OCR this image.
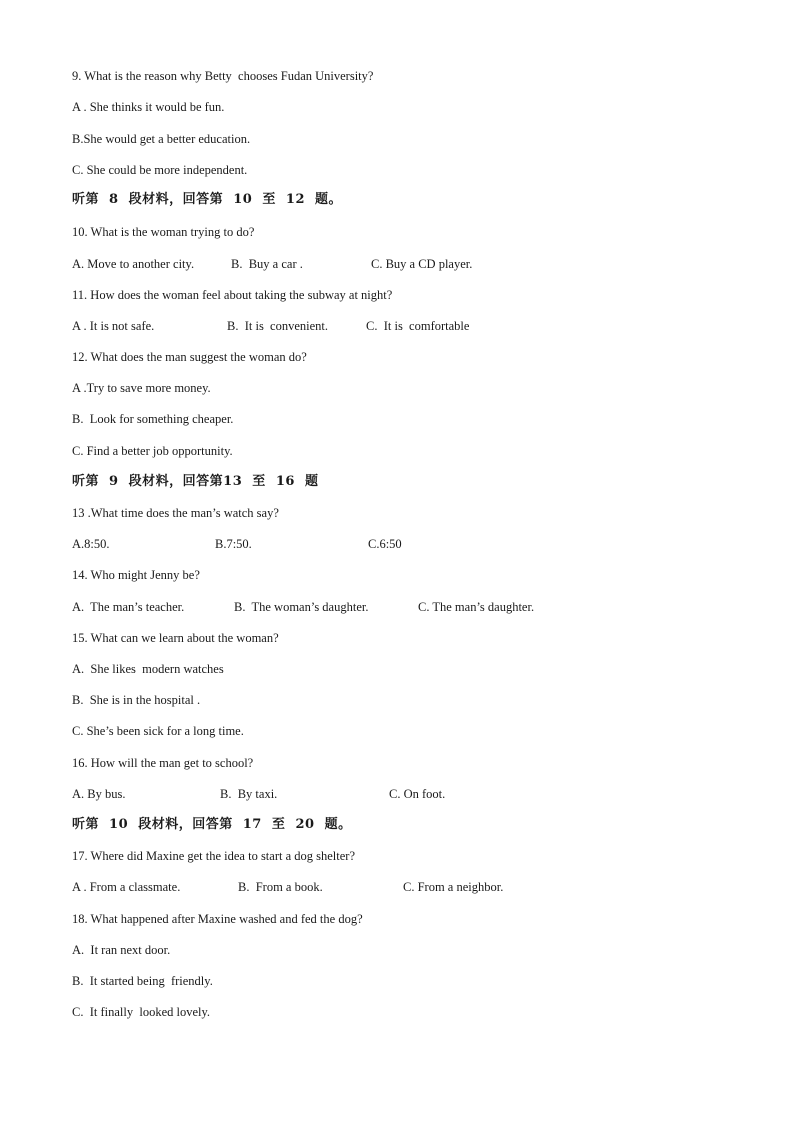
9. What is the reason why Betty  chooses Fudan University?
A . She thinks it would be fun.
B.She would get a better education.
C. She could be more independent.
听第  8  段材料，回答第  10  至  12  题。
10. What is the woman trying to do?

A. Move to another city.

	B.  Buy a car .

	C. Buy a CD player.

11. How does the woman feel about taking the subway at night?

A . It is not safe.

	B.  It is  convenient.

	C.  It is  comfortable

12. What does the man suggest the woman do?
A .Try to save more money.
B.  Look for something cheaper.
C. Find a better job opportunity.
听第  9  段材料，回答第13  至  16  题
13 .What time does the man’s watch say?

A.8:50.

	B.7:50.

	C.6:50

14. Who might Jenny be?

A.  The man’s teacher.

	B.  The woman’s daughter.

	C. The man’s daughter.

15. What can we learn about the woman?
A.  She likes  modern watches
B.  She is in the hospital .
C. She’s been sick for a long time.
16. How will the man get to school?

A. By bus.

	B.  By taxi.

	C. On foot.

听第  10  段材料，回答第  17  至  20  题。
17. Where did Maxine get the idea to start a dog shelter?

A . From a classmate.

	B.  From a book.

	C. From a neighbor.

18. What happened after Maxine washed and fed the dog?
A.  It ran next door.
B.  It started being  friendly.
C.  It finally  looked lovely.
